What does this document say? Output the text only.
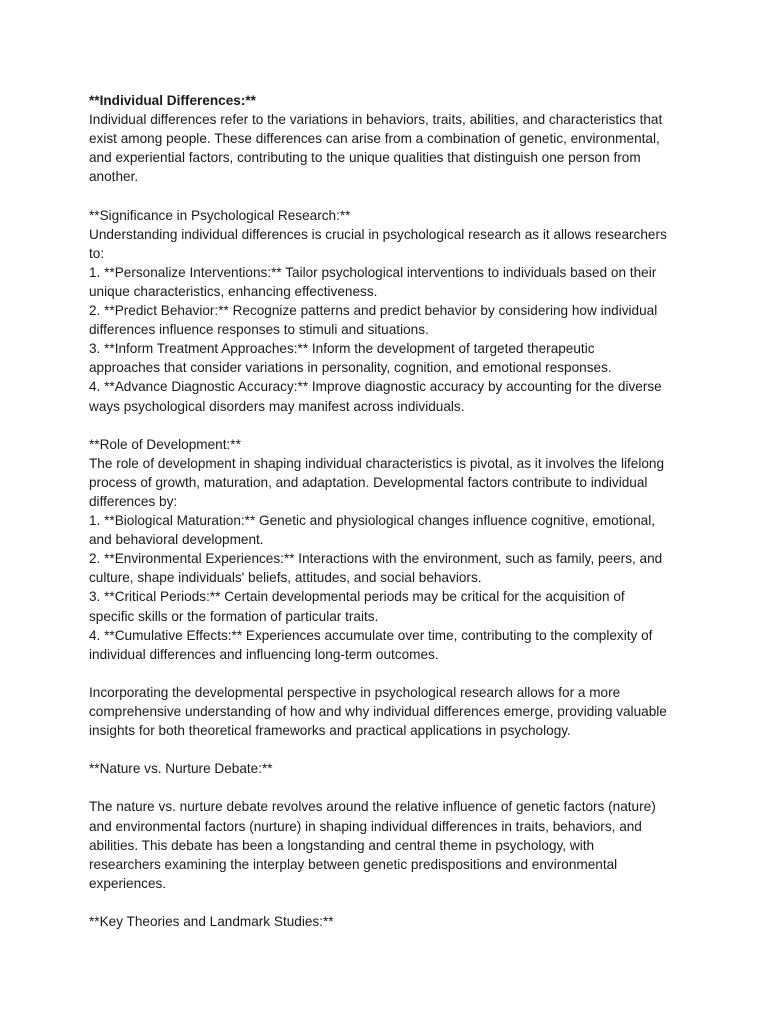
**Individual Differences:**
Individual differences refer to the variations in behaviors, traits, abilities, and characteristics that
exist among people. These differences can arise from a combination of genetic, environmental,
and experiential factors, contributing to the unique qualities that distinguish one person from
another.
**Significance in Psychological Research:**
Understanding individual differences is crucial in psychological research as it allows researchers
to:
1. **Personalize Interventions:** Tailor psychological interventions to individuals based on their
unique characteristics, enhancing effectiveness.
2. **Predict Behavior:** Recognize patterns and predict behavior by considering how individual
differences influence responses to stimuli and situations.
3. **Inform Treatment Approaches:** Inform the development of targeted therapeutic
approaches that consider variations in personality, cognition, and emotional responses.
4. **Advance Diagnostic Accuracy:** Improve diagnostic accuracy by accounting for the diverse
ways psychological disorders may manifest across individuals.
**Role of Development:**
The role of development in shaping individual characteristics is pivotal, as it involves the lifelong
process of growth, maturation, and adaptation. Developmental factors contribute to individual
differences by:
1. **Biological Maturation:** Genetic and physiological changes influence cognitive, emotional,
and behavioral development.
2. **Environmental Experiences:** Interactions with the environment, such as family, peers, and
culture, shape individuals' beliefs, attitudes, and social behaviors.
3. **Critical Periods:** Certain developmental periods may be critical for the acquisition of
specific skills or the formation of particular traits.
4. **Cumulative Effects:** Experiences accumulate over time, contributing to the complexity of
individual differences and influencing long-term outcomes.
Incorporating the developmental perspective in psychological research allows for a more
comprehensive understanding of how and why individual differences emerge, providing valuable
insights for both theoretical frameworks and practical applications in psychology.
**Nature vs. Nurture Debate:**
The nature vs. nurture debate revolves around the relative influence of genetic factors (nature)
and environmental factors (nurture) in shaping individual differences in traits, behaviors, and
abilities. This debate has been a longstanding and central theme in psychology, with
researchers examining the interplay between genetic predispositions and environmental
experiences.
**Key Theories and Landmark Studies:**
